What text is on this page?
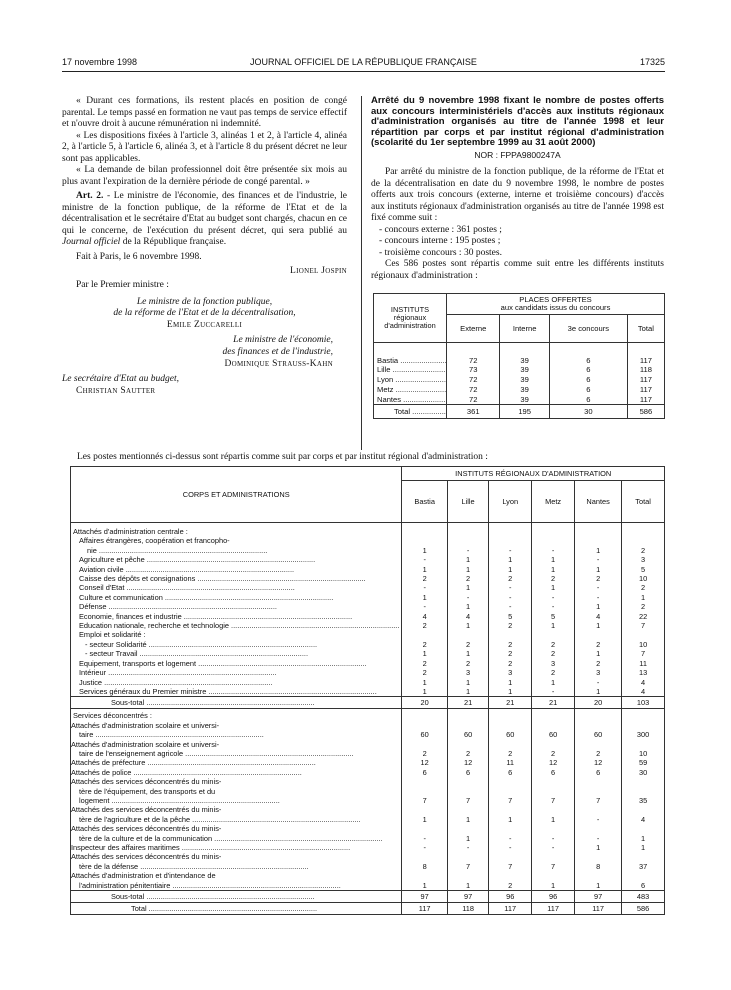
17 novembre 1998	JOURNAL OFFICIEL DE LA RÉPUBLIQUE FRANÇAISE	17325

« Durant ces formations, ils restent placés en position de congé parental. Le temps passé en formation ne vaut pas temps de service effectif et n'ouvre droit à aucune rémunération ni indemnité.

« Les dispositions fixées à l'article 3, alinéas 1 et 2, à l'article 4, alinéa 2, à l'article 5, à l'article 6, alinéa 3, et à l'article 8 du présent décret ne leur sont pas applicables.

« La demande de bilan professionnel doit être présentée six mois au plus avant l'expiration de la dernière période de congé parental. »

Art. 2. - Le ministre de l'économie, des finances et de l'industrie, le ministre de la fonction publique, de la réforme de l'Etat et de la décentralisation et le secrétaire d'Etat au budget sont chargés, chacun en ce qui le concerne, de l'exécution du présent décret, qui sera publié au Journal officiel de la République française.

Fait à Paris, le 6 novembre 1998.

Lionel Jospin
Par le Premier ministre :
Le ministre de la fonction publique,
de la réforme de l'Etat et de la décentralisation,
Emile Zuccarelli
Le ministre de l'économie,
des finances et de l'industrie,
Dominique Strauss-Kahn
Le secrétaire d'Etat au budget,
Christian Sautter
Arrêté du 9 novembre 1998 fixant le nombre de postes offerts aux concours interministériels d'accès aux instituts régionaux d'administration organisés au titre de l'année 1998 et leur répartition par corps et par institut régional d'administration (scolarité du 1er septembre 1999 au 31 août 2000)
NOR : FPPA9800247A

Par arrêté du ministre de la fonction publique, de la réforme de l'Etat et de la décentralisation en date du 9 novembre 1998, le nombre de postes offerts aux trois concours (externe, interne et troisième concours) d'accès aux instituts régionaux d'administration organisés au titre de l'année 1998 est fixé comme suit :

- concours externe : 361 postes ;

- concours interne : 195 postes ;

- troisième concours : 30 postes.

Ces 586 postes sont répartis comme suit entre les différents instituts régionaux d'administration :

INSTITUTS régionaux d'administration	PLACES OFFERTES
aux candidats issus du concours			
	Externe	Interne	3e concours	Total
Bastia .....	72	39	6	117
Lille .....	73	39	6	118
Lyon .....	72	39	6	117
Metz .....	72	39	6	117
Nantes .....	72	39	6	117
Total .....	361	195	30	586
Les postes mentionnés ci-dessus sont répartis comme suit par corps et par institut régional d'administration :
CORPS ET ADMINISTRATIONS	INSTITUTS RÉGIONAUX D'ADMINISTRATION					
	Bastia	Lille	Lyon	Metz	Nantes	Total
Attachés d'administration centrale :						

Affaires étrangères, coopération et francopho-
nie .....	1	-	-	-	1	2

Agriculture et pêche .....	-	1	1	1	-	3

Aviation civile .....	1	1	1	1	1	5

Caisse des dépôts et consignations .....	2	2	2	2	2	10

Conseil d'Etat .....	-	1	-	1	-	2

Culture et communication .....	1	-	-	-	-	1

Défense .....	-	1	-	-	1	2

Economie, finances et industrie .....	4	4	5	5	4	22

Education nationale, recherche et technologie .....	2	1	2	1	1	7

Emploi et solidarité :
- secteur Solidarité .....	2	2	2	2	2	10

- secteur Travail .....	1	1	2	2	1	7

Equipement, transports et logement .....	2	2	2	3	2	11

Intérieur .....	2	3	3	2	3	13

Justice .....	1	1	1	1	-	4

Services généraux du Premier ministre .....	1	1	1	-	1	4
Sous-total .....	20	21	21	21	20	103
Services déconcentrés :						

Attachés d'administration scolaire et universi-
taire .....	60	60	60	60	60	300

Attachés d'administration scolaire et universi-
taire de l'enseignement agricole .....	2	2	2	2	2	10

Attachés de préfecture .....	12	12	11	12	12	59

Attachés de police .....	6	6	6	6	6	30

Attachés des services déconcentrés du minis-
tère de l'équipement, des transports et du
logement .....	7	7	7	7	7	35

Attachés des services déconcentrés du minis-
tère de l'agriculture et de la pêche .....	1	1	1	1	-	4

Attachés des services déconcentrés du minis-
tère de la culture et de la communication .....	-	1	-	-	-	1

Inspecteur des affaires maritimes .....	-	-	-	-	1	1

Attachés des services déconcentrés du minis-
tère de la défense .....	8	7	7	7	8	37

Attachés d'administration et d'intendance de
l'administration pénitentiaire .....	1	1	2	1	1	6
Sous-total .....	97	97	96	96	97	483
Total .....	117	118	117	117	117	586
